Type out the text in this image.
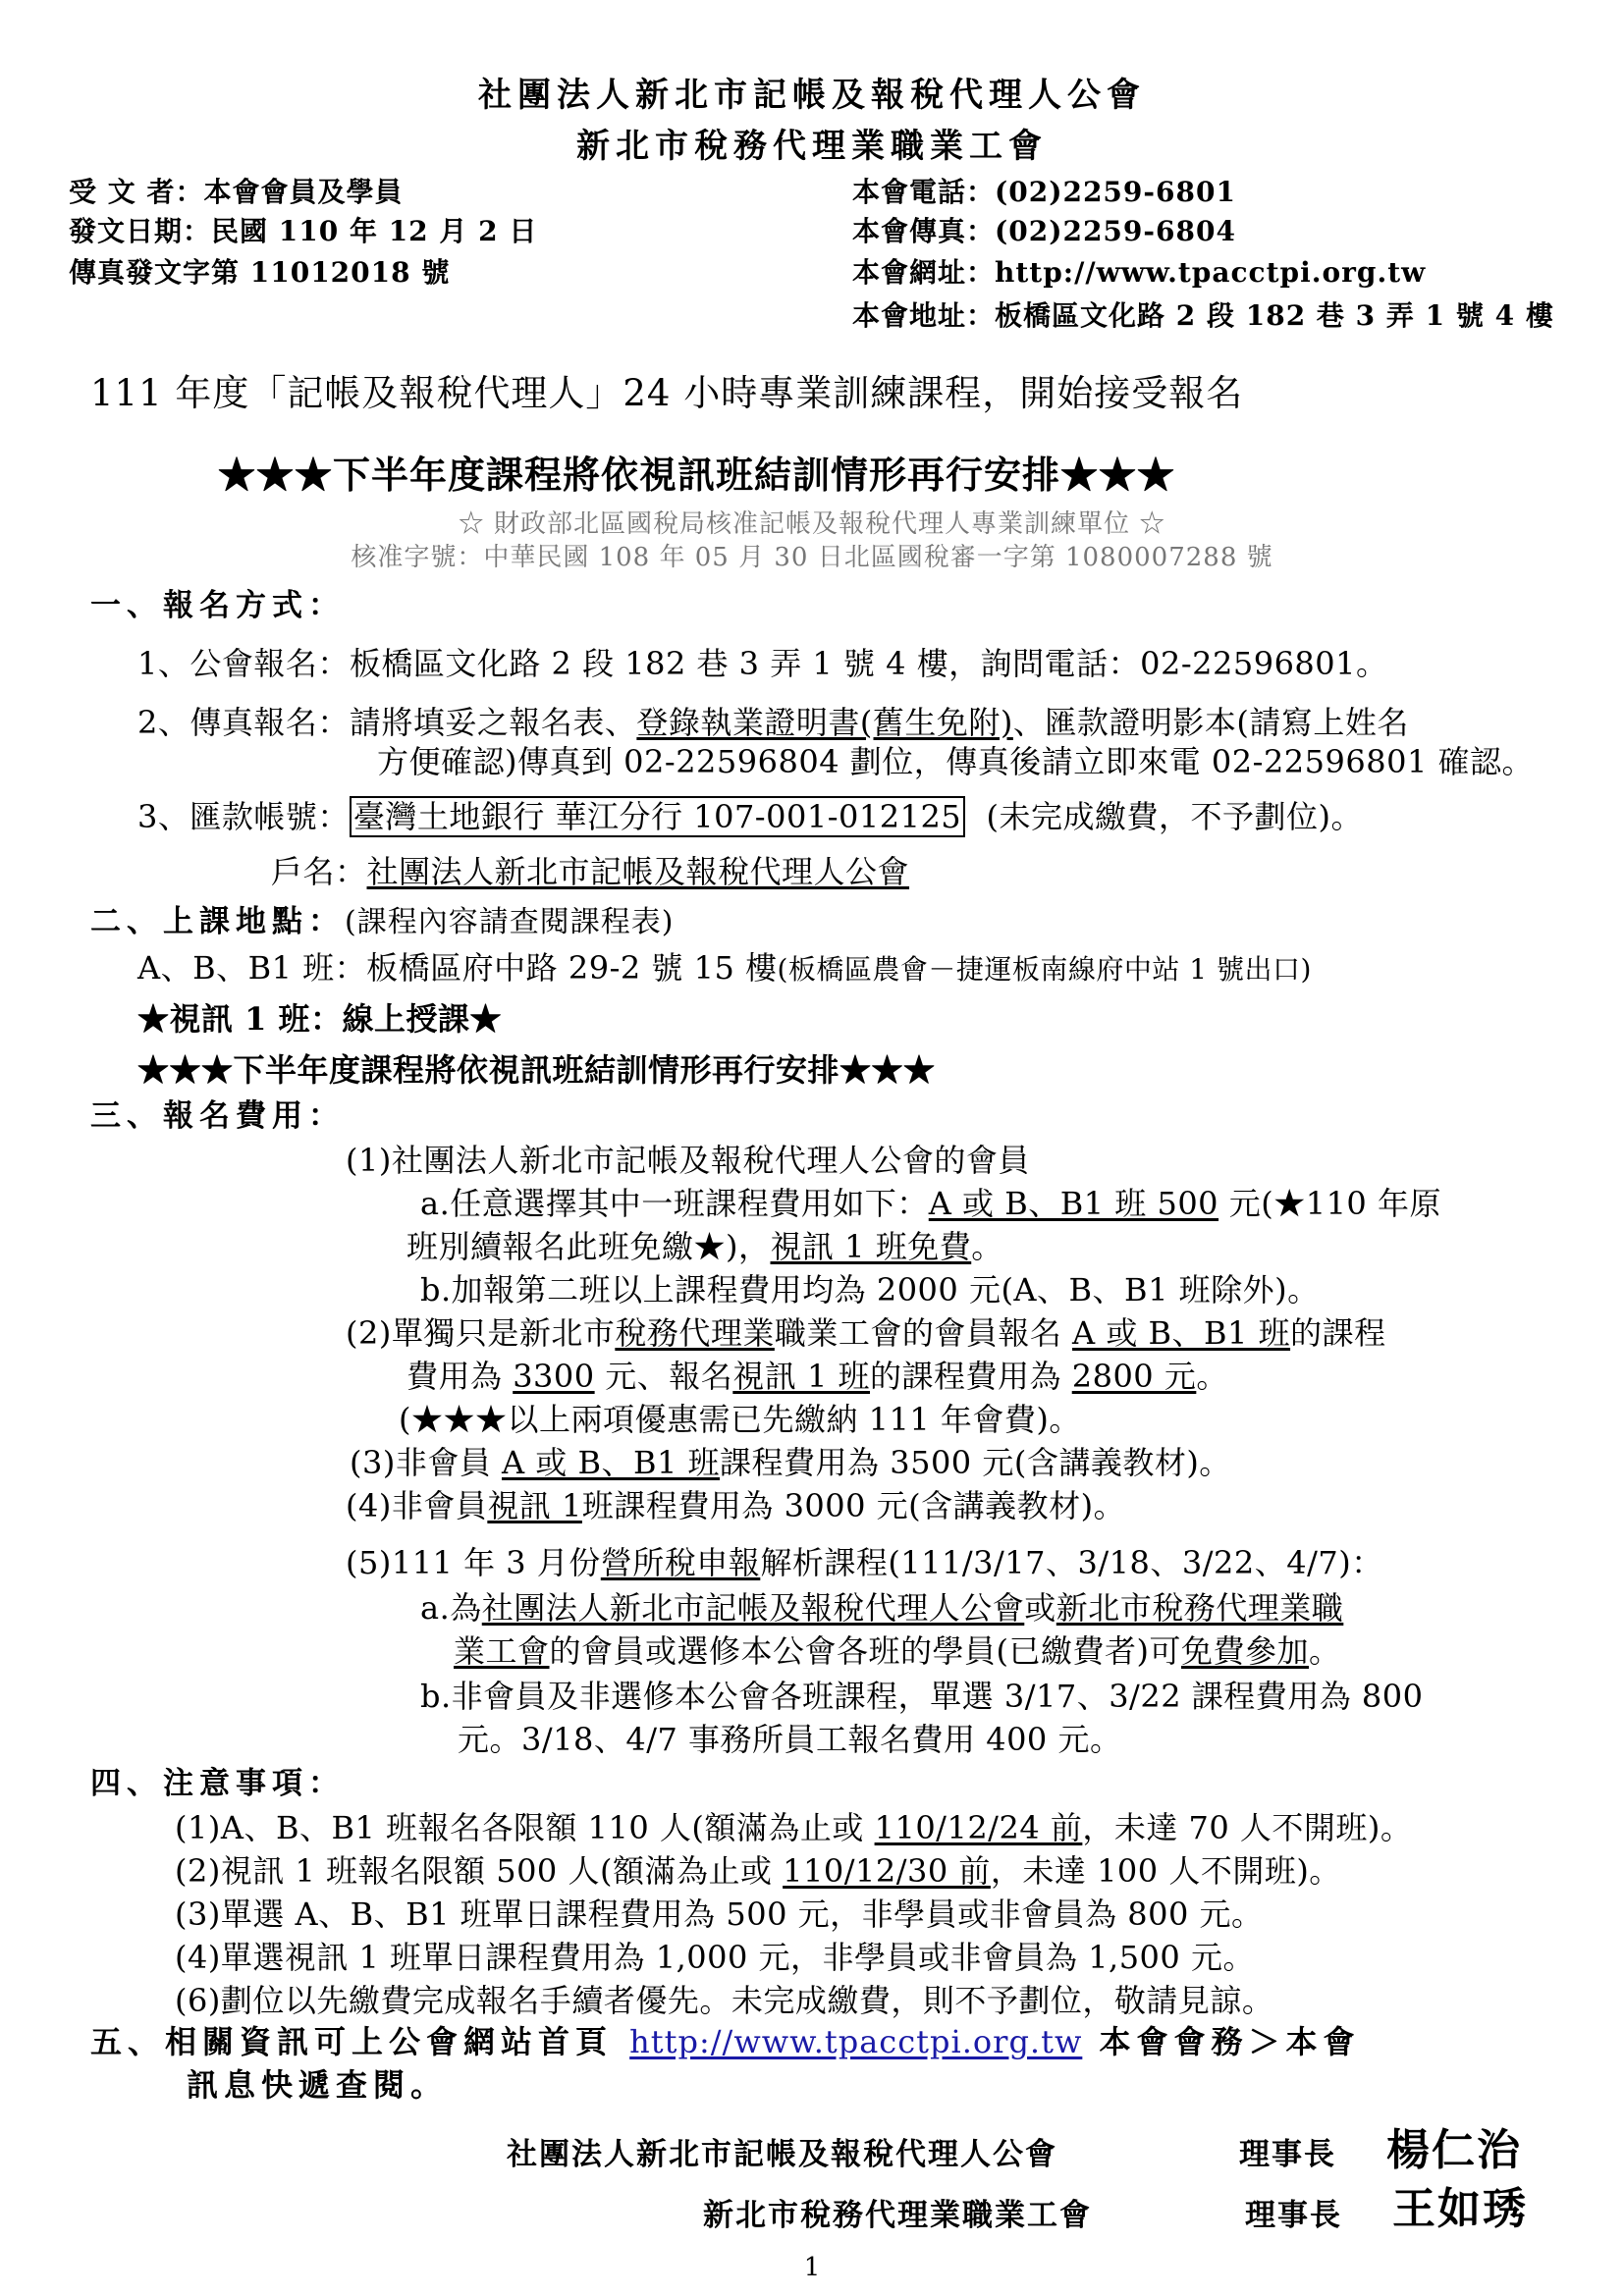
社團法人新北市記帳及報稅代理人公會
新北市稅務代理業職業工會
受 文 者：本會會員及學員
發文日期：民國 110 年 12 月 2 日
傳真發文字第 11012018 號
本會電話：(02)2259-6801
本會傳真：(02)2259-6804
本會網址：http://www.tpacctpi.org.tw
本會地址：板橋區文化路 2 段 182 巷 3 弄 1 號 4 樓
111 年度「記帳及報稅代理人」24 小時專業訓練課程，開始接受報名
★★★下半年度課程將依視訊班結訓情形再行安排★★★
☆ 財政部北區國稅局核准記帳及報稅代理人專業訓練單位 ☆
核准字號：中華民國 108 年 05 月 30 日北區國稅審一字第 1080007288 號
一、報名方式：
1、公會報名：板橋區文化路 2 段 182 巷 3 弄 1 號 4 樓，詢問電話：02-22596801。
2、傳真報名：請將填妥之報名表、登錄執業證明書(舊生免附)、匯款證明影本(請寫上姓名
方便確認)傳真到 02-22596804 劃位，傳真後請立即來電 02-22596801 確認。
3、匯款帳號： 臺灣土地銀行 華江分行 107-001-012125 (未完成繳費，不予劃位)。
戶名：社團法人新北市記帳及報稅代理人公會
二、上課地點：(課程內容請查閱課程表)
A、B、B1 班：板橋區府中路 29-2 號 15 樓(板橋區農會－捷運板南線府中站 1 號出口)
★視訊 1 班：線上授課★
★★★下半年度課程將依視訊班結訓情形再行安排★★★
三、報名費用：
(1)社團法人新北市記帳及報稅代理人公會的會員
a.任意選擇其中一班課程費用如下：A 或 B、B1 班 500 元(★110 年原
班別續報名此班免繳★)，視訊 1 班免費。
b.加報第二班以上課程費用均為 2000 元(A、B、B1 班除外)。
(2)單獨只是新北市稅務代理業職業工會的會員報名 A 或 B、B1 班的課程
費用為 3300 元、報名視訊 1 班的課程費用為 2800 元。
(★★★以上兩項優惠需已先繳納 111 年會費)。
(3)非會員 A 或 B、B1 班課程費用為 3500 元(含講義教材)。
(4)非會員視訊 1班課程費用為 3000 元(含講義教材)。
(5)111 年 3 月份營所稅申報解析課程(111/3/17、3/18、3/22、4/7)：
a.為社團法人新北市記帳及報稅代理人公會或新北市稅務代理業職
業工會的會員或選修本公會各班的學員(已繳費者)可免費參加。
b.非會員及非選修本公會各班課程，單選 3/17、3/22 課程費用為 800
元。3/18、4/7 事務所員工報名費用 400 元。
四、注意事項：
(1)A、B、B1 班報名各限額 110 人(額滿為止或 110/12/24 前，未達 70 人不開班)。
(2)視訊 1 班報名限額 500 人(額滿為止或 110/12/30 前，未達 100 人不開班)。
(3)單選 A、B、B1 班單日課程費用為 500 元，非學員或非會員為 800 元。
(4)單選視訊 1 班單日課程費用為 1,000 元，非學員或非會員為 1,500 元。
(6)劃位以先繳費完成報名手續者優先。未完成繳費，則不予劃位，敬請見諒。
五、相關資訊可上公會網站首頁 http://www.tpacctpi.org.tw 本會會務＞本會
訊息快遞查閱。
社團法人新北市記帳及報稅代理人公會	理事長 楊仁治
新北市稅務代理業職業工會	理事長 王如琇
1
